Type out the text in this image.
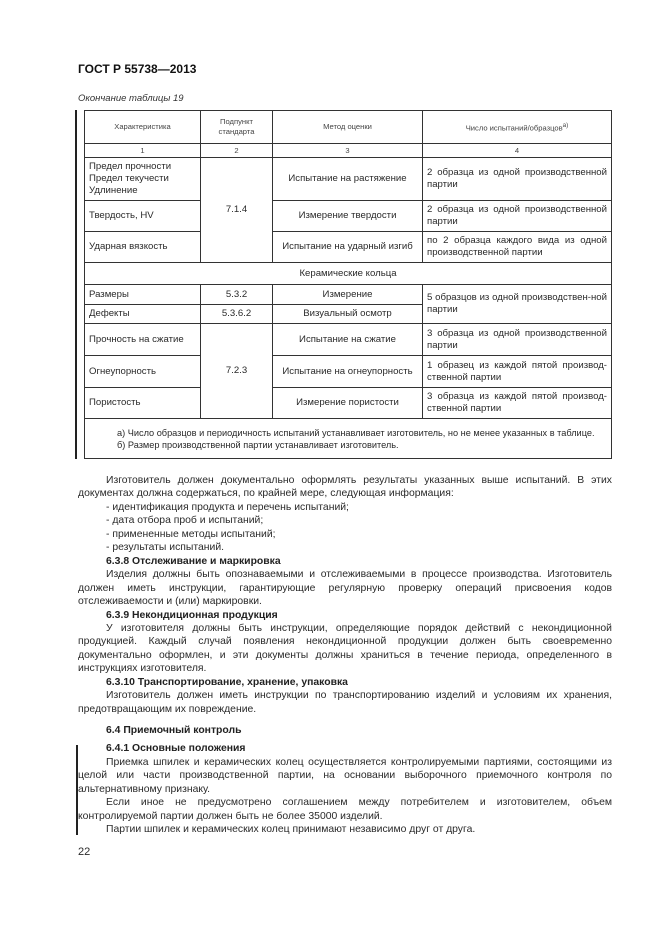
ГОСТ Р 55738—2013
Окончание таблицы 19
Характеристика	Подпункт стандарта	Метод оценки	Число испытаний/образцов$^{а)}$
1	2	3	4
Предел прочности
Предел текучести
Удлинение	7.1.4	Испытание на растяжение	2 образца из одной производственной партии
Твердость, HV		Измерение твердости	2 образца из одной производственной партии
Ударная вязкость		Испытание на ударный изгиб	по 2 образца каждого вида из одной производственной партии
Керамические кольца			
Размеры	5.3.2	Измерение	5 образцов из одной производствен-ной партии
Дефекты	5.3.6.2	Визуальный осмотр	
Прочность на сжатие	7.2.3	Испытание на сжатие	3 образца из одной производственной партии
Огнеупорность		Испытание на огнеупорность	1 образец из каждой пятой производ-ственной партии
Пористость		Измерение пористости	3 образца из каждой пятой производ-ственной партии

а) Число образцов и периодичность испытаний устанавливает изготовитель, но не менее указанных в таблице.

б) Размер производственной партии устанавливает изготовитель.			

Изготовитель должен документально оформлять результаты указанных выше испытаний. В этих документах должна содержаться, по крайней мере, следующая информация:

- идентификация продукта и перечень испытаний;

- дата отбора проб и испытаний;

- примененные методы испытаний;

- результаты испытаний.

6.3.8 Отслеживание и маркировка

Изделия должны быть опознаваемыми и отслеживаемыми в процессе производства. Изготовитель должен иметь инструкции, гарантирующие регулярную проверку операций присвоения кодов отслеживаемости и (или) маркировки.

6.3.9 Некондиционная продукция

У изготовителя должны быть инструкции, определяющие порядок действий с некондиционной продукцией. Каждый случай появления некондиционной продукции должен быть своевременно документально оформлен, и эти документы должны храниться в течение периода, определенного в инструкциях изготовителя.

6.3.10 Транспортирование, хранение, упаковка

Изготовитель должен иметь инструкции по транспортированию изделий и условиям их хранения, предотвращающим их повреждение.

6.4 Приемочный контроль

6.4.1 Основные положения

Приемка шпилек и керамических колец осуществляется контролируемыми партиями, состоящими из целой или части производственной партии, на основании выборочного приемочного контроля по альтернативному признаку.

Если иное не предусмотрено соглашением между потребителем и изготовителем, объем контролируемой партии должен быть не более 35000 изделий.

Партии шпилек и керамических колец принимают независимо друг от друга.

22
